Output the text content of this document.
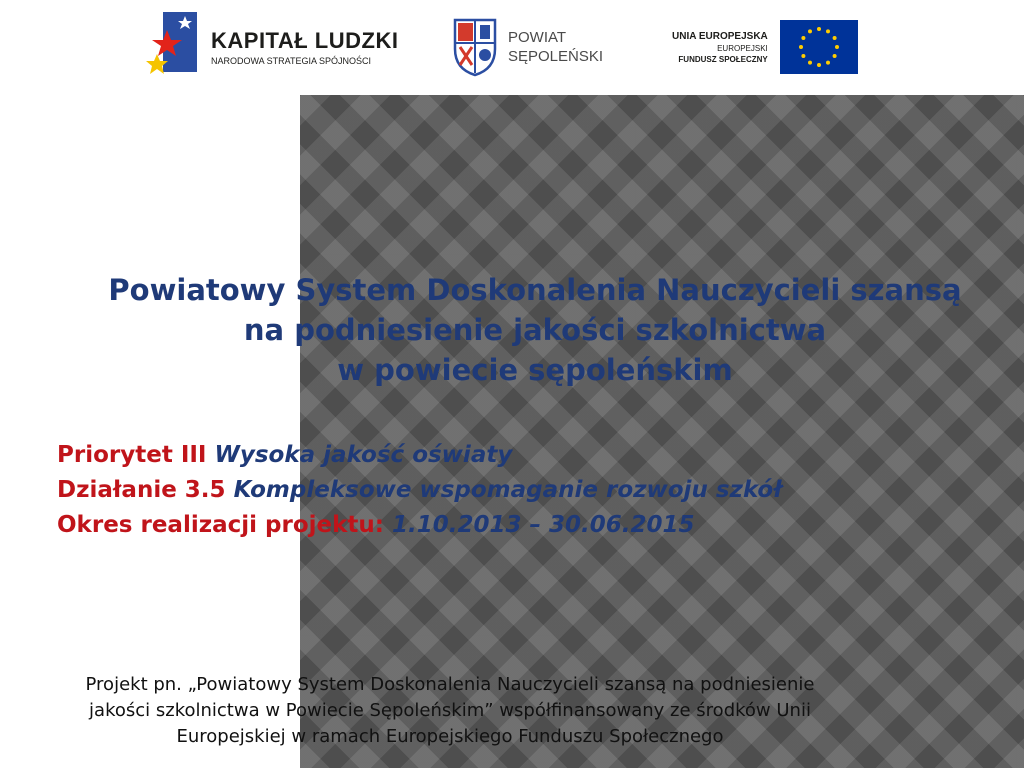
KAPITAŁ LUDZKI
NARODOWA STRATEGIA SPÓJNOŚCI
POWIAT
SĘPOLEŃSKI
UNIA EUROPEJSKA
EUROPEJSKI
FUNDUSZ SPOŁECZNY
Powiatowy System Doskonalenia Nauczycieli szansą
na podniesienie jakości szkolnictwa
w powiecie sępoleńskim
Priorytet III Wysoka jakość oświaty
Działanie 3.5 Kompleksowe wspomaganie rozwoju szkół
Okres realizacji projektu: 1.10.2013 – 30.06.2015
Projekt pn. „Powiatowy System Doskonalenia Nauczycieli szansą na podniesienie
jakości szkolnictwa w Powiecie Sępoleńskim” współfinansowany ze środków Unii
Europejskiej w ramach Europejskiego Funduszu Społecznego
